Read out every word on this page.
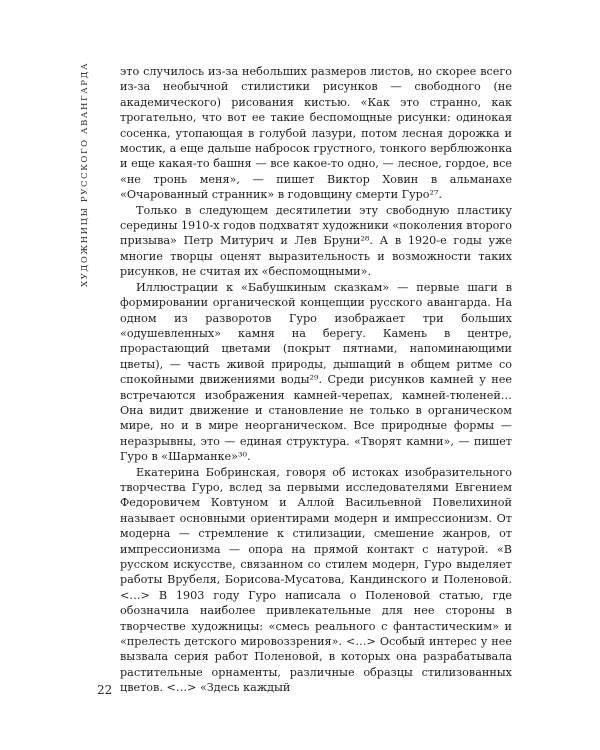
ХУДОЖНИЦЫ РУССКОГО АВАНГАРДА	это случилось из-за небольших размеров листов, но скорее всего из-за необычной стилистики рисунков — свободного (не академического) рисования кистью. «Как это странно, как трогательно, что вот ее такие беспомощные рисунки: одинокая сосенка, утопающая в голубой лазури, потом лесная дорожка и мостик, а еще дальше набросок грустного, тонкого верблюжонка и еще какая-то башня — все какое-то одно, — лесное, гордое, все «не тронь меня», — пишет Виктор Ховин в альманахе «Очарованный странник» в годовщину смерти Гуро²⁷.

Только в следующем десятилетии эту свободную пластику середины 1910-х годов подхватят художники «поколения второго призыва» Петр Митурич и Лев Бруни²⁸. А в 1920-е годы уже многие творцы оценят выразительность и возможности таких рисунков, не считая их «беспомощными».

Иллюстрации к «Бабушкиным сказкам» — первые шаги в формировании органической концепции русского авангарда. На одном из разворотов Гуро изображает три больших «одушевленных» камня на берегу. Камень в центре, прорастающий цветами (покрыт пятнами, напоминающими цветы), — часть живой природы, дышащий в общем ритме со спокойными движениями воды²⁹. Среди рисунков камней у нее встречаются изображения камней-черепах, камней-тюленей… Она видит движение и становление не только в органическом мире, но и в мире неорганическом. Все природные формы — неразрывны, это — единая структура. «Творят камни», — пишет Гуро в «Шарманке»³⁰.

Екатерина Бобринская, говоря об истоках изобразительного творчества Гуро, вслед за первыми исследователями Евгением Федоровичем Ковтуном и Аллой Васильевной Повелихиной называет основными ориентирами модерн и импрессионизм. От модерна — стремление к стилизации, смешение жанров, от импрессионизма — опора на прямой контакт с натурой. «В русском искусстве, связанном со стилем модерн, Гуро выделяет работы Врубеля, Борисова-Мусатова, Кандинского и Поленовой. <…> В 1903 году Гуро написала о Поленовой статью, где обозначила наиболее привлекательные для нее стороны в творчестве художницы: «смесь реального с фантастическим» и «прелесть детского мировоззрения». <…> Особый интерес у нее вызвала серия работ Поленовой, в которых она разрабатывала растительные орнаменты, различные образцы стилизованных цветов. <…> «Здесь каждый

22
